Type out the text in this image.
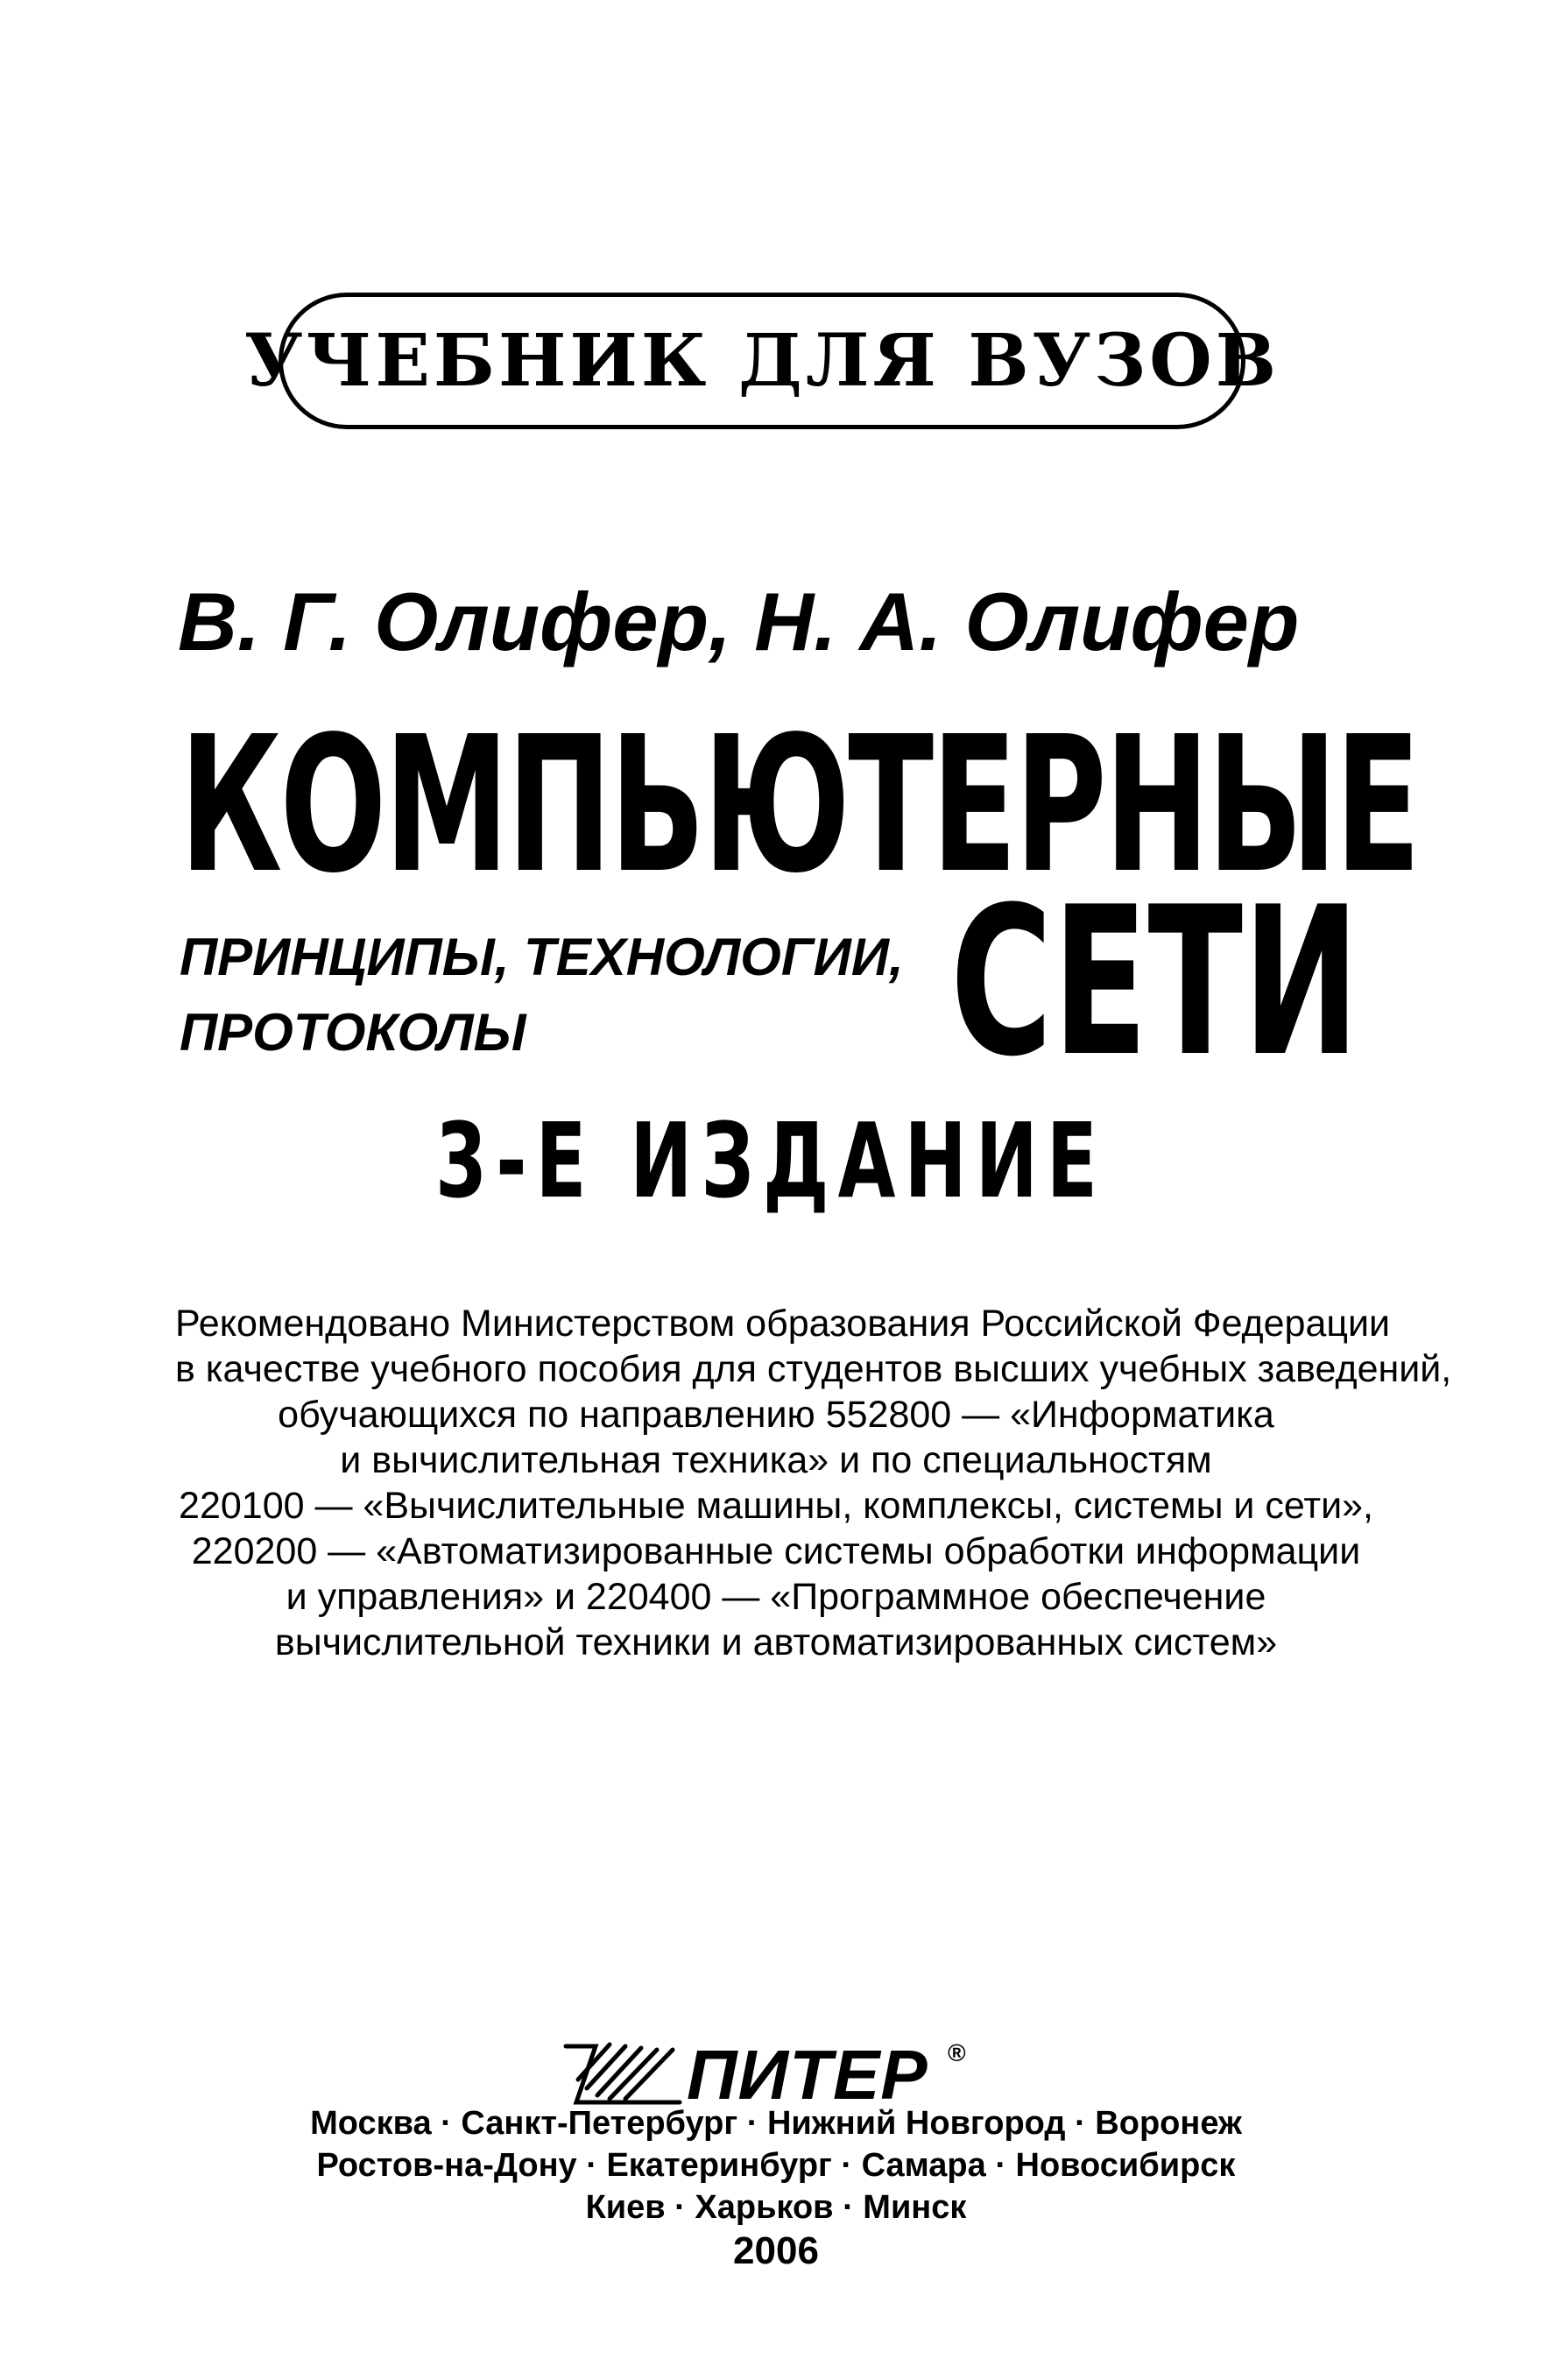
УЧЕБНИК ДЛЯ ВУЗОВ
В. Г. Олифер, Н. А. Олифер
КОМПЬЮТЕРНЫЕ
ПРИНЦИПЫ, ТЕХНОЛОГИИ,
ПРОТОКОЛЫ	СЕТИ
3-Е ИЗДАНИЕ
Рекомендовано Министерством образования Российской Федерации
в качестве учебного пособия для студентов высших учебных заведений,
обучающихся по направлению 552800 — «Информатика
и вычислительная техника» и по специальностям
220100 — «Вычислительные машины, комплексы, системы и сети»,
220200 — «Автоматизированные системы обработки информации
и управления» и 220400 — «Программное обеспечение
вычислительной техники и автоматизированных систем»
ПИТЕР ®
Москва · Санкт-Петербург · Нижний Новгород · Воронеж
Ростов-на-Дону · Екатеринбург · Самара · Новосибирск
Киев · Харьков · Минск
2006
